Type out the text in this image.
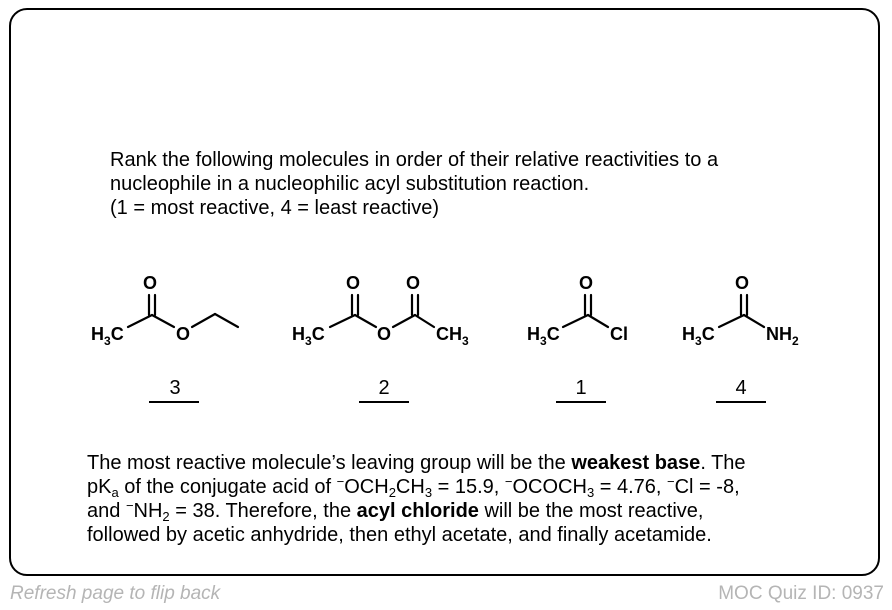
Rank the following molecules in order of their relative reactivities to a
nucleophile in a nucleophilic acyl substitution reaction.
(1 = most reactive, 4 = least reactive)
O
O
$H_3C$
O	O
O
$H_3C$	$CH_3$
O
$H_3C$	Cl
O
$H_3C$	$NH_2$
3	2	1	4
The most reactive molecule’s leaving group will be the weakest base. The
$pK_a$ of the conjugate acid of $^-OCH_2CH_3 = 15.9$, $^-OCOCH_3 = 4.76$, −Cl = -8,
and $^-NH_2 = 38$. Therefore, the acyl chloride will be the most reactive,
followed by acetic anhydride, then ethyl acetate, and finally acetamide.
Refresh page to flip back	MOC Quiz ID: 0937
